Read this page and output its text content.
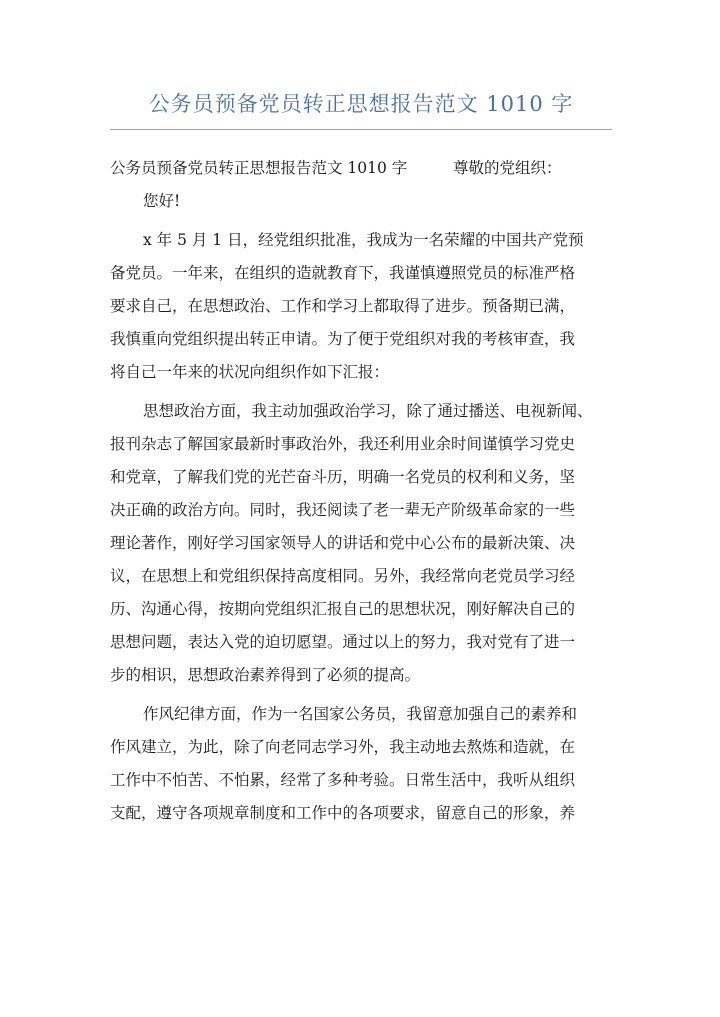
公务员预备党员转正思想报告范文 1010 字
公务员预备党员转正思想报告范文 1010 字	尊敬的党组织：
您好!
x 年 5 月 1 日，经党组织批准，我成为一名荣耀的中国共产党预
备党员。一年来，在组织的造就教育下，我谨慎遵照党员的标准严格
要求自己，在思想政治、工作和学习上都取得了进步。预备期已满，
我慎重向党组织提出转正申请。为了便于党组织对我的考核审查，我
将自己一年来的状况向组织作如下汇报：
思想政治方面，我主动加强政治学习，除了通过播送、电视新闻、
报刊杂志了解国家最新时事政治外，我还利用业余时间谨慎学习党史
和党章，了解我们党的光芒奋斗历，明确一名党员的权利和义务，坚
决正确的政治方向。同时，我还阅读了老一辈无产阶级革命家的一些
理论著作，刚好学习国家领导人的讲话和党中心公布的最新决策、决
议，在思想上和党组织保持高度相同。另外，我经常向老党员学习经
历、沟通心得，按期向党组织汇报自己的思想状况，刚好解决自己的
思想问题，表达入党的迫切愿望。通过以上的努力，我对党有了进一
步的相识，思想政治素养得到了必须的提高。
作风纪律方面，作为一名国家公务员，我留意加强自己的素养和
作风建立，为此，除了向老同志学习外，我主动地去熬炼和造就，在
工作中不怕苦、不怕累，经常了多种考验。日常生活中，我听从组织
支配，遵守各项规章制度和工作中的各项要求，留意自己的形象，养
